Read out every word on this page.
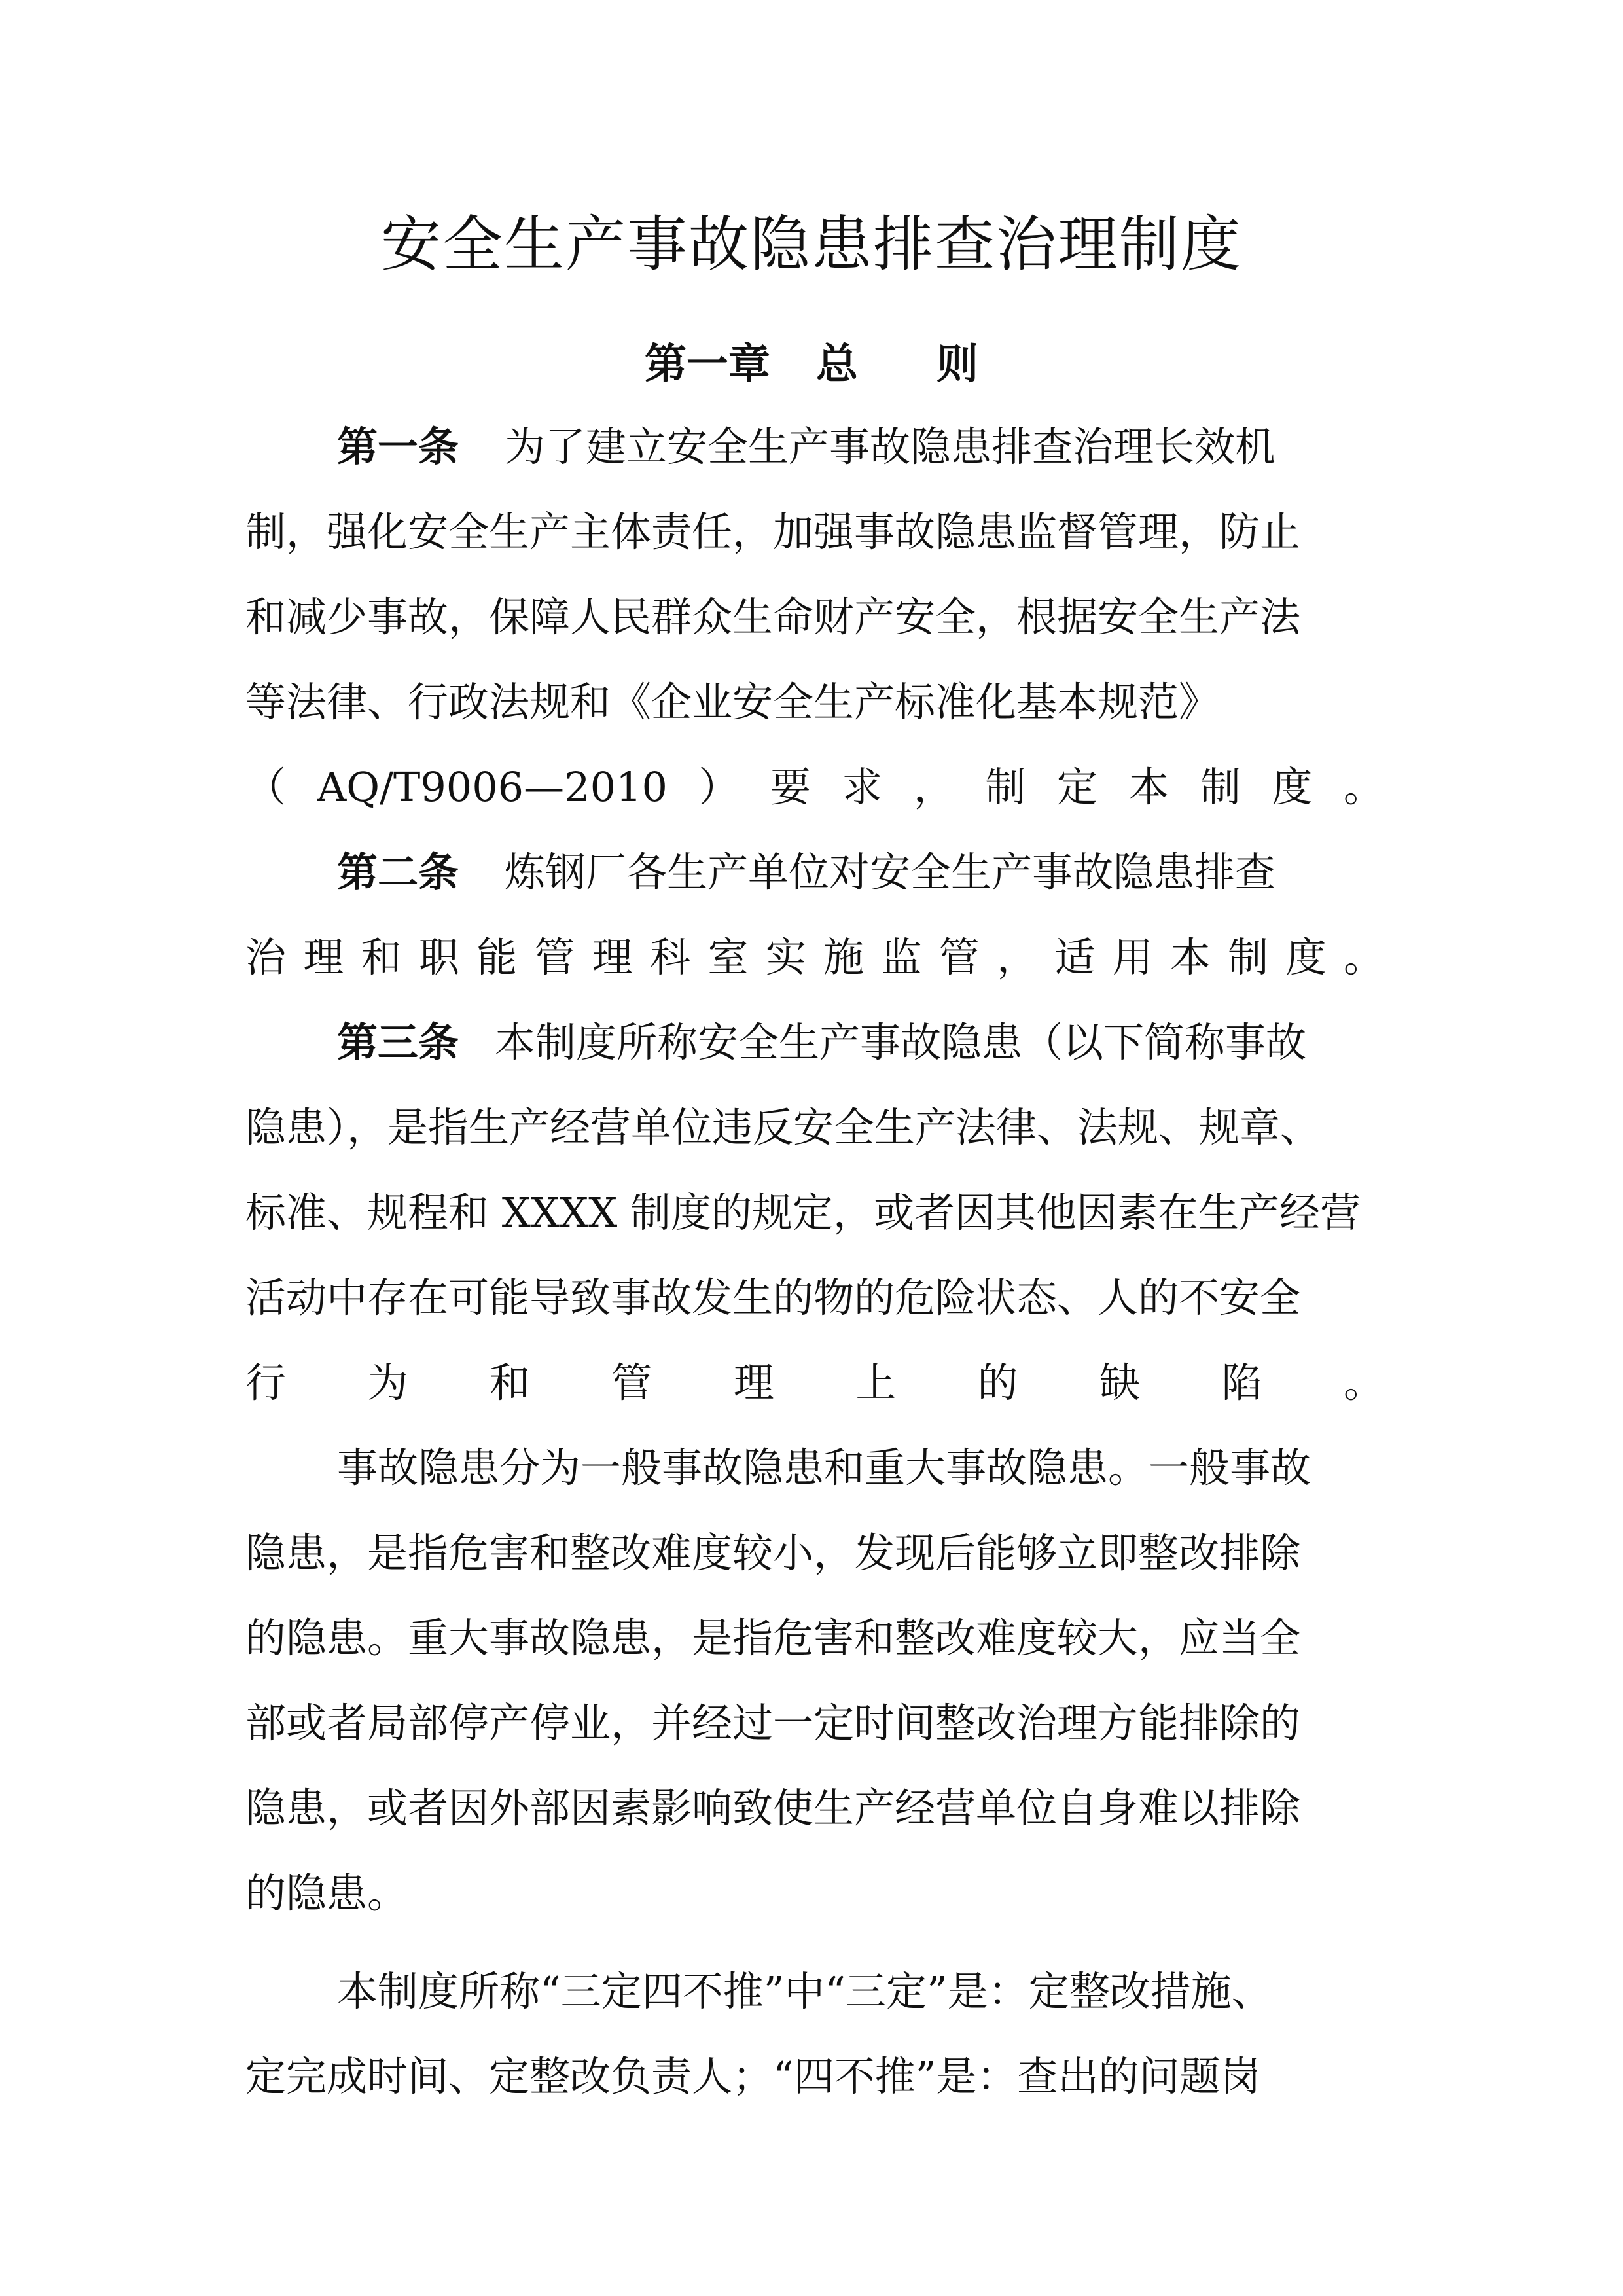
安全生产事故隐患排查治理制度
第一章 总 则
第一条 为了建立安全生产事故隐患排查治理长效机
制，强化安全生产主体责任，加强事故隐患监督管理，防止
和减少事故，保障人民群众生命财产安全，根据安全生产法
等法律、行政法规和《企业安全生产标准化基本规范》
（ AQ/T9006—2010 ） 要 求 ， 制 定 本 制 度 。
第二条 炼钢厂各生产单位对安全生产事故隐患排查
治 理 和 职 能 管 理 科 室 实 施 监 管 ， 适 用 本 制 度 。
第三条 本制度所称安全生产事故隐患（以下简称事故
隐患），是指生产经营单位违反安全生产法律、法规、规章、
标准、规程和 XXXX 制度的规定，或者因其他因素在生产经营
活动中存在可能导致事故发生的物的危险状态、人的不安全
行 为 和 管 理 上 的 缺 陷 。
事故隐患分为一般事故隐患和重大事故隐患。一般事故
隐患，是指危害和整改难度较小，发现后能够立即整改排除
的隐患。重大事故隐患，是指危害和整改难度较大，应当全
部或者局部停产停业，并经过一定时间整改治理方能排除的
隐患，或者因外部因素影响致使生产经营单位自身难以排除
的隐患。
本制度所称“三定四不推”中“三定”是：定整改措施、
定完成时间、定整改负责人；“四不推”是：查出的问题岗
